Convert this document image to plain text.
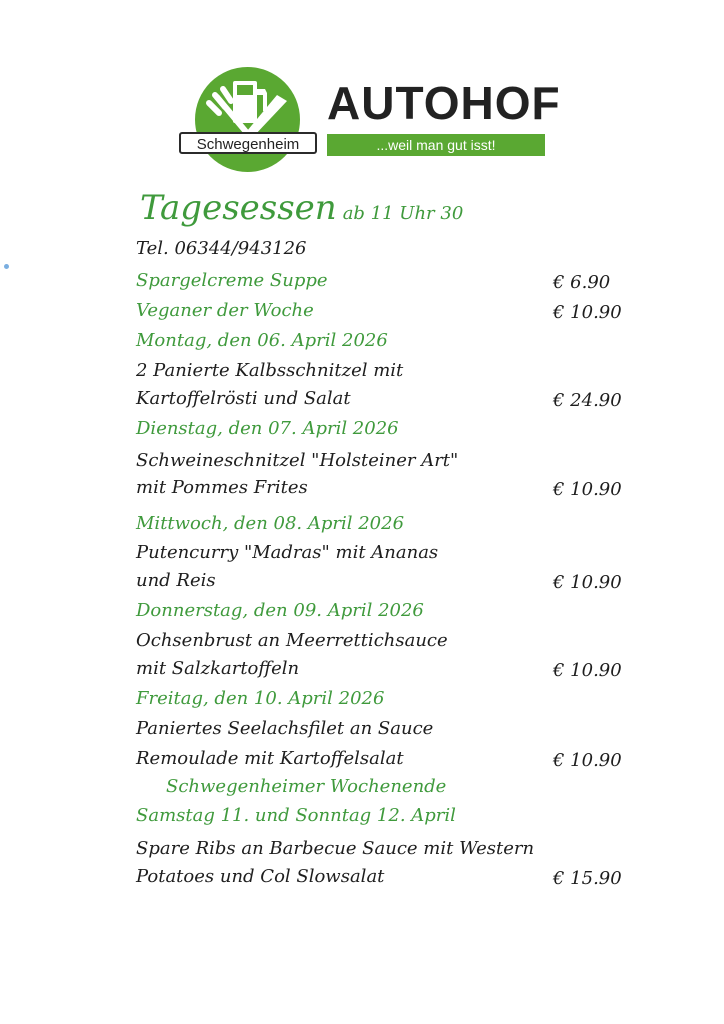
Schwegenheim
AUTOHOF
...weil man gut isst!
Tagesessen ab 11 Uhr 30
Tel. 06344/943126
Spargelcreme Suppe	€ 6.90
Veganer der Woche	€ 10.90
Montag, den 06. April 2026
2 Panierte Kalbsschnitzel mit
Kartoffelrösti und Salat	€ 24.90
Dienstag, den 07. April 2026
Schweineschnitzel "Holsteiner Art"
mit Pommes Frites	€ 10.90
Mittwoch, den 08. April 2026
Putencurry "Madras" mit Ananas
und Reis	€ 10.90
Donnerstag, den 09. April 2026
Ochsenbrust an Meerrettichsauce
mit Salzkartoffeln	€ 10.90
Freitag, den 10. April 2026
Paniertes Seelachsfilet an Sauce
Remoulade mit Kartoffelsalat	€ 10.90
Schwegenheimer Wochenende
Samstag 11. und Sonntag 12. April
Spare Ribs an Barbecue Sauce mit Western
Potatoes und Col Slowsalat	€ 15.90
